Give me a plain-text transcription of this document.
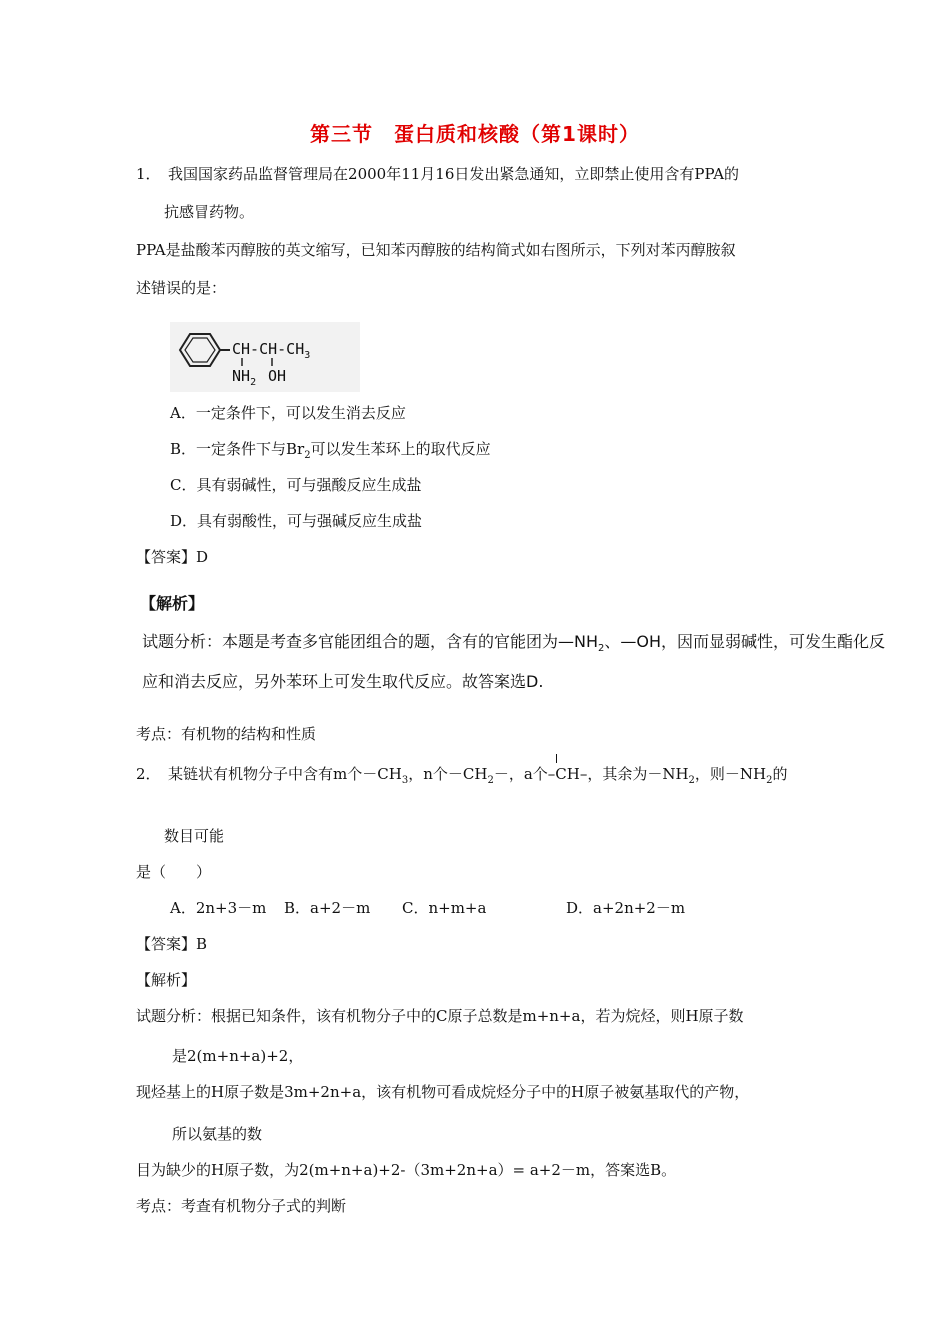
第三节　蛋白质和核酸（第1课时）
1．　我国国家药品监督管理局在2000年11月16日发出紧急通知，立即禁止使用含有PPA的
抗感冒药物。
PPA是盐酸苯丙醇胺的英文缩写，已知苯丙醇胺的结构简式如右图所示，下列对苯丙醇胺叙
述错误的是：
$CH-CH-CH_3$
$NH_2$ OH
A．一定条件下，可以发生消去反应
B．一定条件下与$Br_2$可以发生苯环上的取代反应
C．具有弱碱性，可与强酸反应生成盐
D．具有弱酸性，可与强碱反应生成盐
【答案】D
【解析】
试题分析：本题是考查多官能团组合的题，含有的官能团为$—NH_2$、—OH，因而显弱碱性，可发生酯化反
应和消去反应，另外苯环上可发生取代反应。故答案选D.
考点：有机物的结构和性质
2．　某链状有机物分子中含有m个$-CH_3$，n个$-CH_2-$，a个
–CH–，其余为$-NH_2$，则$-NH_2$的
数目可能
是（　　）
A．2n+3－m B．a+2－m C．n+m+a	D．a+2n+2－m
【答案】B
【解析】
试题分析：根据已知条件，该有机物分子中的C原子总数是m+n+a，若为烷烃，则H原子数
是2(m+n+a)+2，
现烃基上的H原子数是3m+2n+a，该有机物可看成烷烃分子中的H原子被氨基取代的产物，
所以氨基的数
目为缺少的H原子数，为2(m+n+a)+2-（3m+2n+a）= a+2－m，答案选B。
考点：考查有机物分子式的判断
